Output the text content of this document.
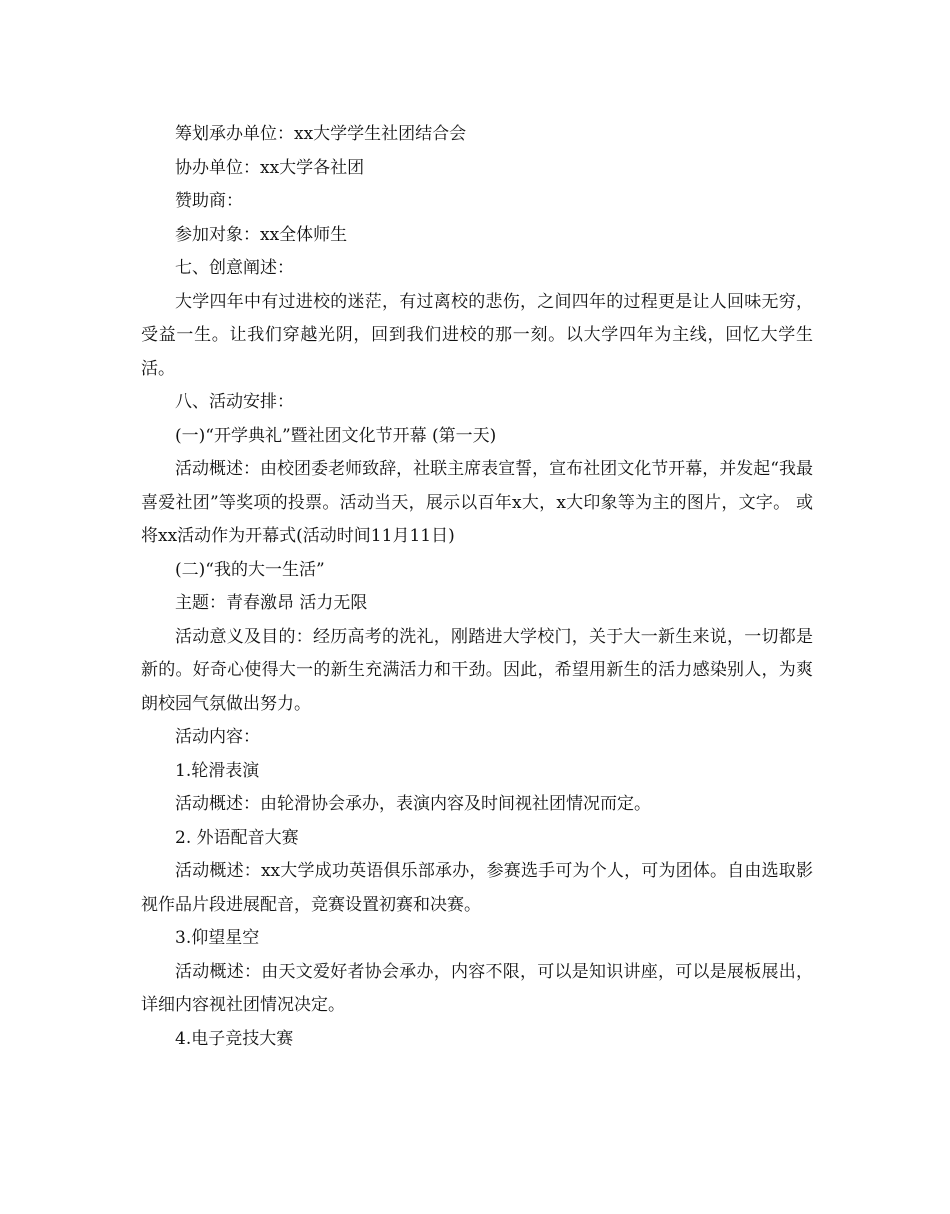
筹划承办单位：xx大学学生社团结合会

协办单位：xx大学各社团

赞助商：

参加对象：xx全体师生

七、创意阐述：

大学四年中有过进校的迷茫，有过离校的悲伤，之间四年的过程更是让人回味无穷，受益一生。让我们穿越光阴，回到我们进校的那一刻。以大学四年为主线，回忆大学生活。

八、活动安排：

(一)“开学典礼”暨社团文化节开幕 (第一天)

活动概述：由校团委老师致辞，社联主席表宣誓，宣布社团文化节开幕，并发起“我最喜爱社团”等奖项的投票。活动当天，展示以百年x大，x大印象等为主的图片，文字。 或将xx活动作为开幕式(活动时间11月11日)

(二)“我的大一生活”

主题：青春激昂 活力无限

活动意义及目的：经历高考的洗礼，刚踏进大学校门，关于大一新生来说，一切都是新的。好奇心使得大一的新生充满活力和干劲。因此，希望用新生的活力感染别人，为爽朗校园气氛做出努力。

活动内容：

1.轮滑表演

活动概述：由轮滑协会承办，表演内容及时间视社团情况而定。

2. 外语配音大赛

活动概述：xx大学成功英语俱乐部承办，参赛选手可为个人，可为团体。自由选取影视作品片段进展配音，竞赛设置初赛和决赛。

3.仰望星空

活动概述：由天文爱好者协会承办，内容不限，可以是知识讲座，可以是展板展出，详细内容视社团情况决定。

4.电子竞技大赛
